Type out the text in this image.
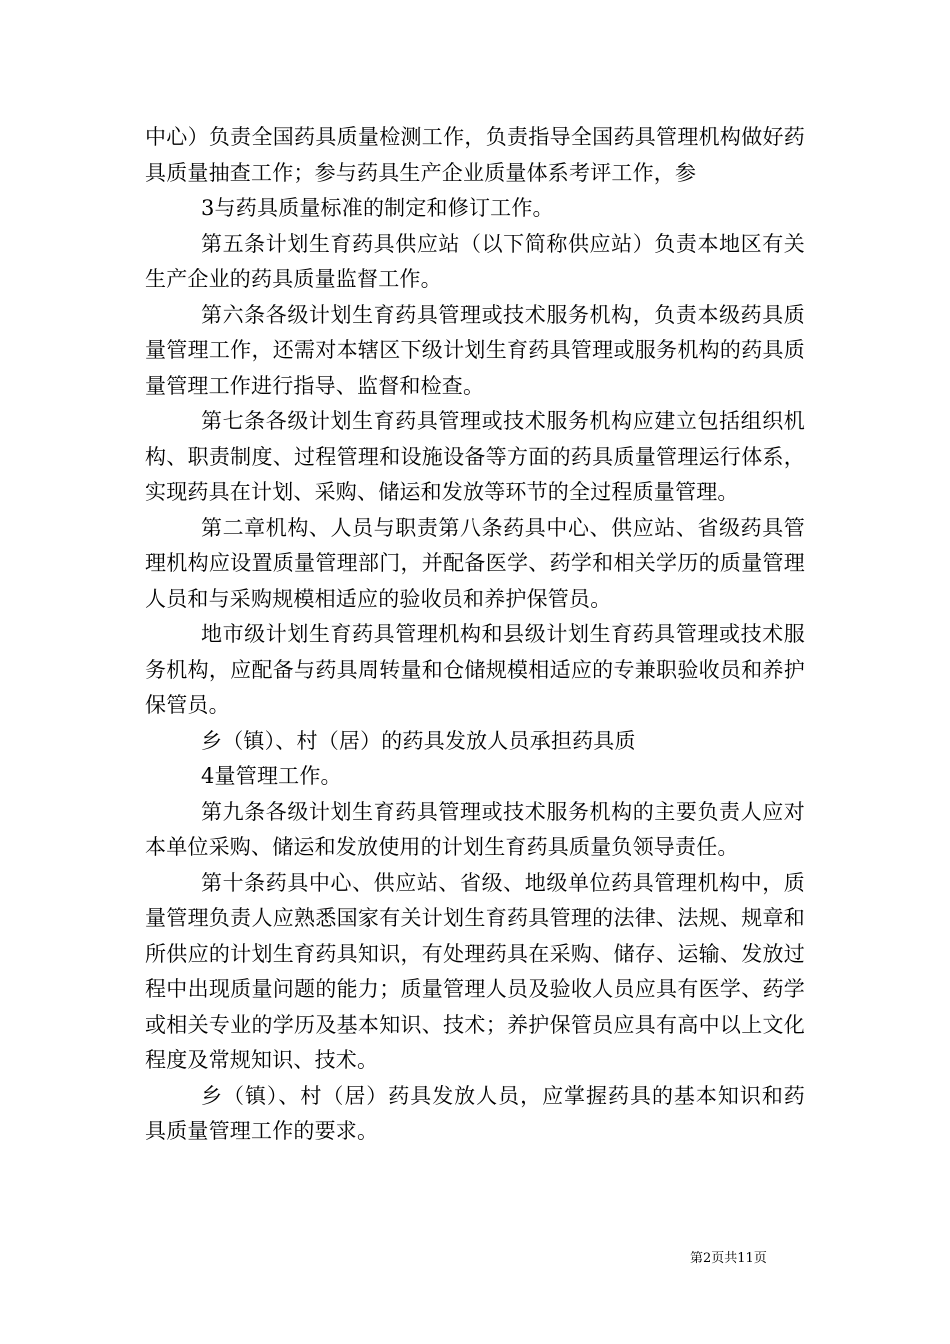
中心）负责全国药具质量检测工作，负责指导全国药具管理机构做好药具质量抽查工作；参与药具生产企业质量体系考评工作，参

3与药具质量标准的制定和修订工作。

第五条计划生育药具供应站（以下简称供应站）负责本地区有关生产企业的药具质量监督工作。

第六条各级计划生育药具管理或技术服务机构，负责本级药具质量管理工作，还需对本辖区下级计划生育药具管理或服务机构的药具质量管理工作进行指导、监督和检查。

第七条各级计划生育药具管理或技术服务机构应建立包括组织机构、职责制度、过程管理和设施设备等方面的药具质量管理运行体系，实现药具在计划、采购、储运和发放等环节的全过程质量管理。

第二章机构、人员与职责第八条药具中心、供应站、省级药具管理机构应设置质量管理部门，并配备医学、药学和相关学历的质量管理人员和与采购规模相适应的验收员和养护保管员。

地市级计划生育药具管理机构和县级计划生育药具管理或技术服务机构，应配备与药具周转量和仓储规模相适应的专兼职验收员和养护保管员。

乡（镇）、村（居）的药具发放人员承担药具质

4量管理工作。

第九条各级计划生育药具管理或技术服务机构的主要负责人应对本单位采购、储运和发放使用的计划生育药具质量负领导责任。

第十条药具中心、供应站、省级、地级单位药具管理机构中，质量管理负责人应熟悉国家有关计划生育药具管理的法律、法规、规章和所供应的计划生育药具知识，有处理药具在采购、储存、运输、发放过程中出现质量问题的能力；质量管理人员及验收人员应具有医学、药学或相关专业的学历及基本知识、技术；养护保管员应具有高中以上文化程度及常规知识、技术。

乡（镇）、村（居）药具发放人员，应掌握药具的基本知识和药具质量管理工作的要求。

第2页共11页
